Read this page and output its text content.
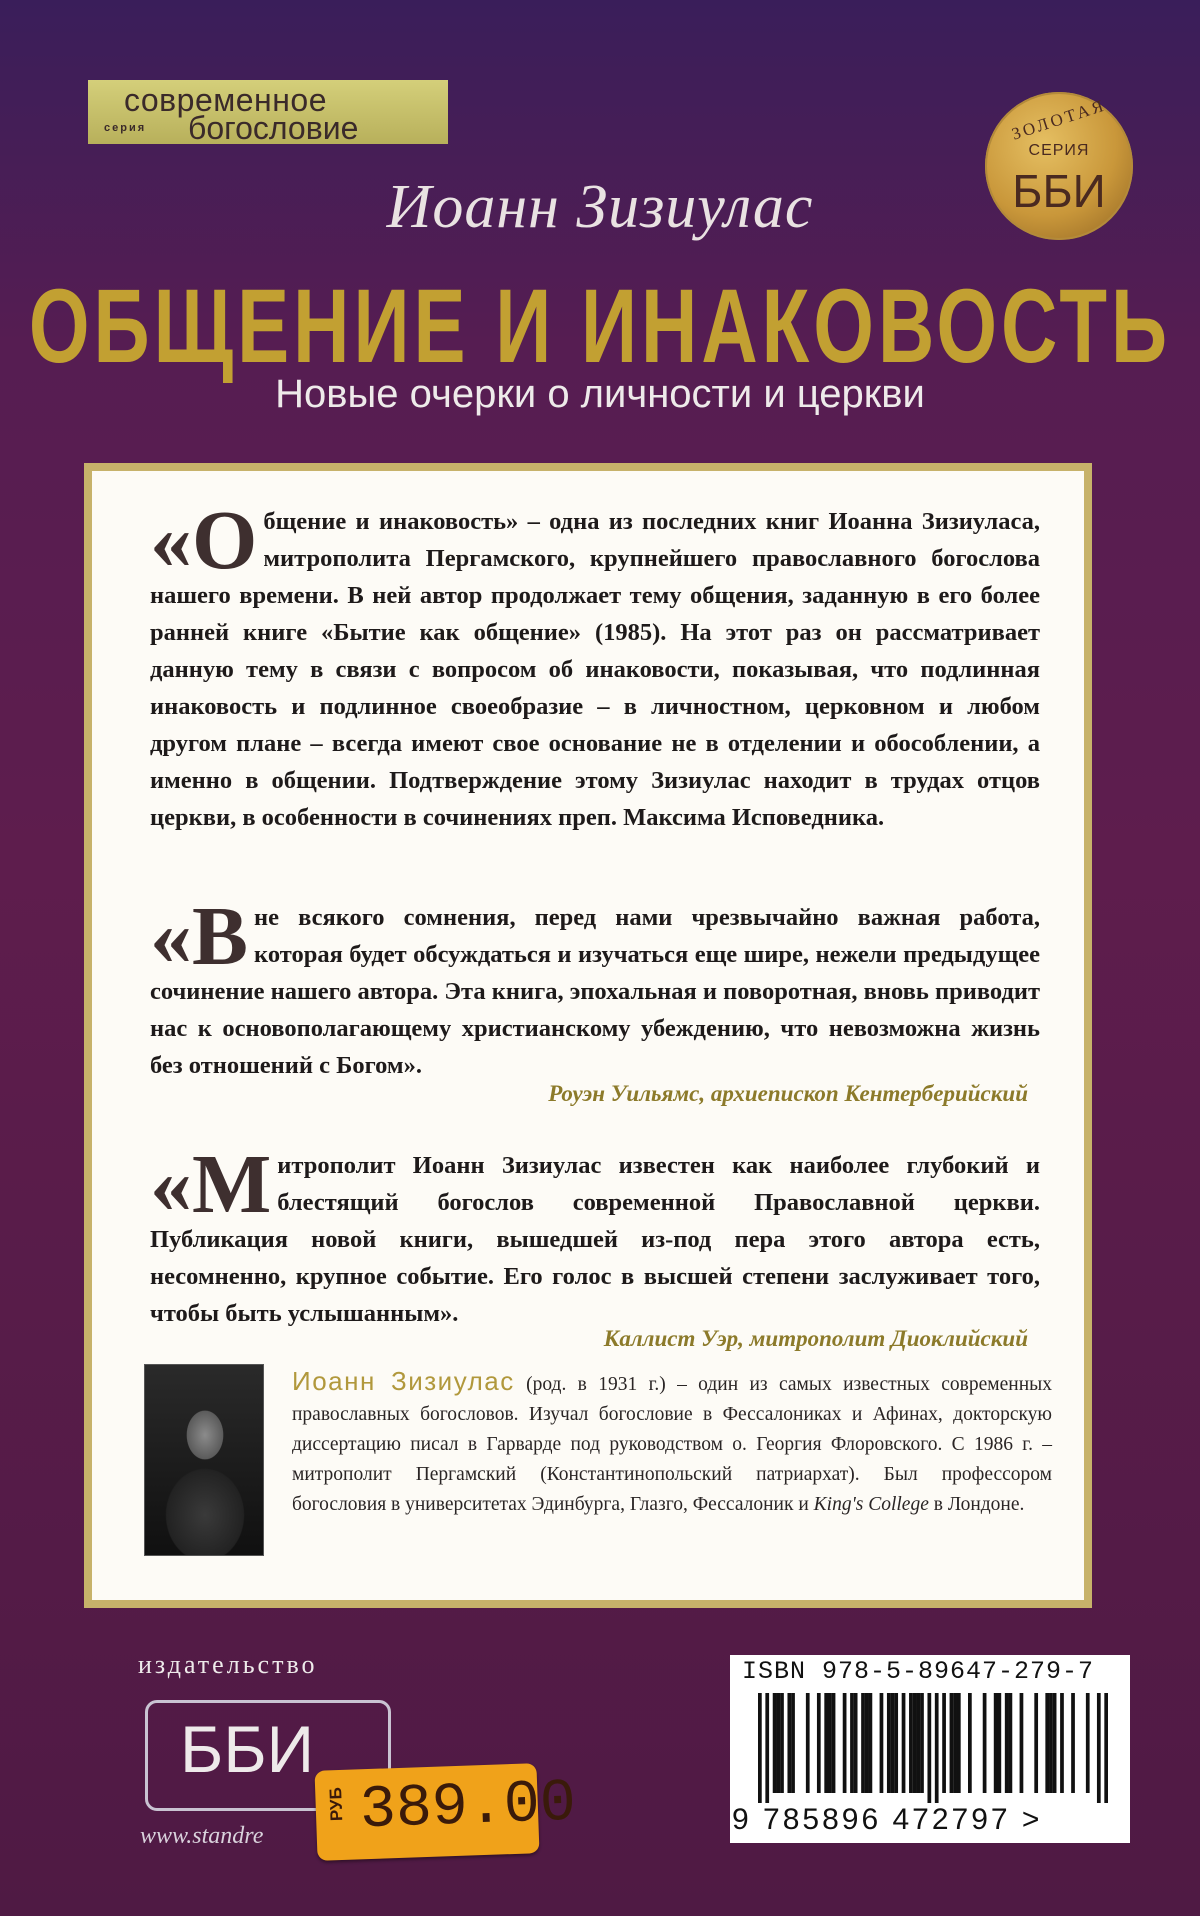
современное
серия богословие	ЗОЛОТАЯ
СЕРИЯ
ББИ
Иоанн Зизиулас
ОБЩЕНИЕ И ИНАКОВОСТЬ
Новые очерки о личности и церкви
«О бщение и инаковость» – одна из последних книг Иоанна Зизиуласа, митрополита Пергамского, крупнейшего православного богослова нашего времени. В ней автор продолжает тему общения, заданную в его более ранней книге «Бытие как общение» (1985). На этот раз он рассматривает данную тему в связи с вопросом об инаковости, показывая, что подлинная инаковость и подлинное своеобразие – в личностном, церковном и любом другом плане – всегда имеют свое основание не в отделении и обособлении, а именно в общении. Подтверждение этому Зизиулас находит в трудах отцов церкви, в особенности в сочинениях преп. Максима Исповедника.
«В не всякого сомнения, перед нами чрезвычайно важная работа, которая будет обсуждаться и изучаться еще шире, нежели предыдущее сочинение нашего автора. Эта книга, эпохальная и поворотная, вновь приводит нас к основополагающему христианскому убеждению, что невозможна жизнь без отношений с Богом».
Роуэн Уильямс, архиепископ Кентерберийский
«М итрополит Иоанн Зизиулас известен как наиболее глубокий и блестящий богослов современной Православной церкви. Публикация новой книги, вышедшей из-под пера этого автора есть, несомненно, крупное событие. Его голос в высшей степени заслуживает того, чтобы быть услышанным».
Каллист Уэр, митрополит Диоклийский
Иоанн Зизиулас (род. в 1931 г.) – один из самых известных современных православных богословов. Изучал богословие в Фессалониках и Афинах, докторскую диссертацию писал в Гарварде под руководством о. Георгия Флоровского. С 1986 г. – митрополит Пергамский (Константинопольский патриархат). Был профессором богословия в университетах Эдинбурга, Глазго, Фессалоник и King's College в Лондоне.
издательство
ББИ
www.standre
РУБ 389.00
ISBN 978-5-89647-279-7
9 785896 472797 >
